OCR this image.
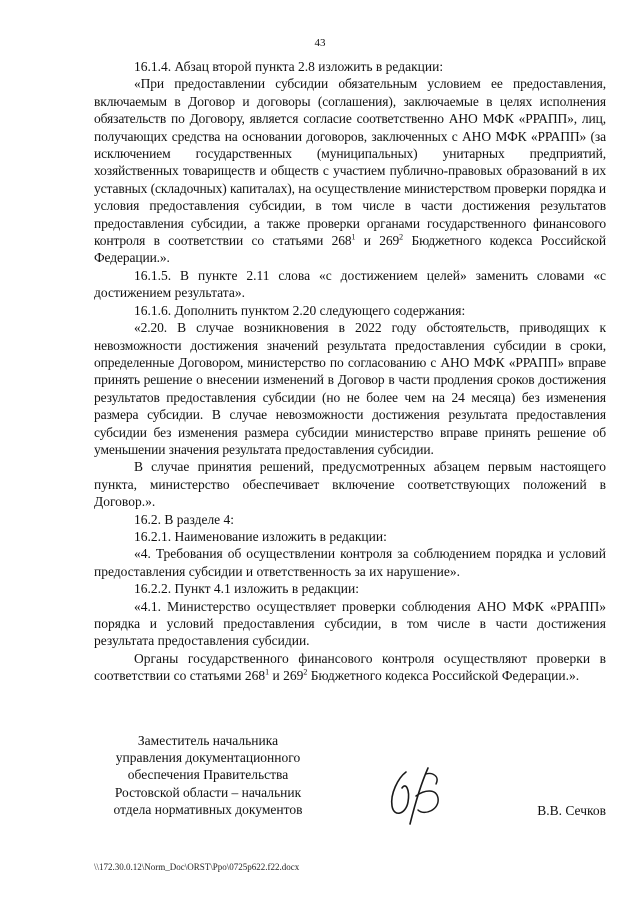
43

16.1.4. Абзац второй пункта 2.8 изложить в редакции:

«При предоставлении субсидии обязательным условием ее предоставления, включаемым в Договор и договоры (соглашения), заключаемые в целях исполнения обязательств по Договору, является согласие соответственно АНО МФК «РРАПП», лиц, получающих средства на основании договоров, заключенных с АНО МФК «РРАПП» (за исключением государственных (муниципальных) унитарных предприятий, хозяйственных товариществ и обществ с участием публично-правовых образований в их уставных (складочных) капиталах), на осуществление министерством проверки порядка и условия предоставления субсидии, в том числе в части достижения результатов предоставления субсидии, а также проверки органами государственного финансового контроля в соответствии со статьями $268^1$ и $269^2$ Бюджетного кодекса Российской Федерации.».

16.1.5. В пункте 2.11 слова «с достижением целей» заменить словами «с достижением результата».

16.1.6. Дополнить пунктом 2.20 следующего содержания:

«2.20. В случае возникновения в 2022 году обстоятельств, приводящих к невозможности достижения значений результата предоставления субсидии в сроки, определенные Договором, министерство по согласованию с АНО МФК «РРАПП» вправе принять решение о внесении изменений в Договор в части продления сроков достижения результатов предоставления субсидии (но не более чем на 24 месяца) без изменения размера субсидии. В случае невозможности достижения результата предоставления субсидии без изменения размера субсидии министерство вправе принять решение об уменьшении значения результата предоставления субсидии.

В случае принятия решений, предусмотренных абзацем первым настоящего пункта, министерство обеспечивает включение соответствующих положений в Договор.».

16.2. В разделе 4:

16.2.1. Наименование изложить в редакции:

«4. Требования об осуществлении контроля за соблюдением порядка и условий предоставления субсидии и ответственность за их нарушение».

16.2.2. Пункт 4.1 изложить в редакции:

«4.1. Министерство осуществляет проверки соблюдения АНО МФК «РРАПП» порядка и условий предоставления субсидии, в том числе в части достижения результата предоставления субсидии.

Органы государственного финансового контроля осуществляют проверки в соответствии со статьями $268^1$ и $269^2$ Бюджетного кодекса Российской Федерации.».

Заместитель начальника
управления документационного
обеспечения Правительства
Ростовской области – начальник
отдела нормативных документов	В.В. Сечков
\\172.30.0.12\Norm_Doc\ORST\Ppo\0725p622.f22.docx
